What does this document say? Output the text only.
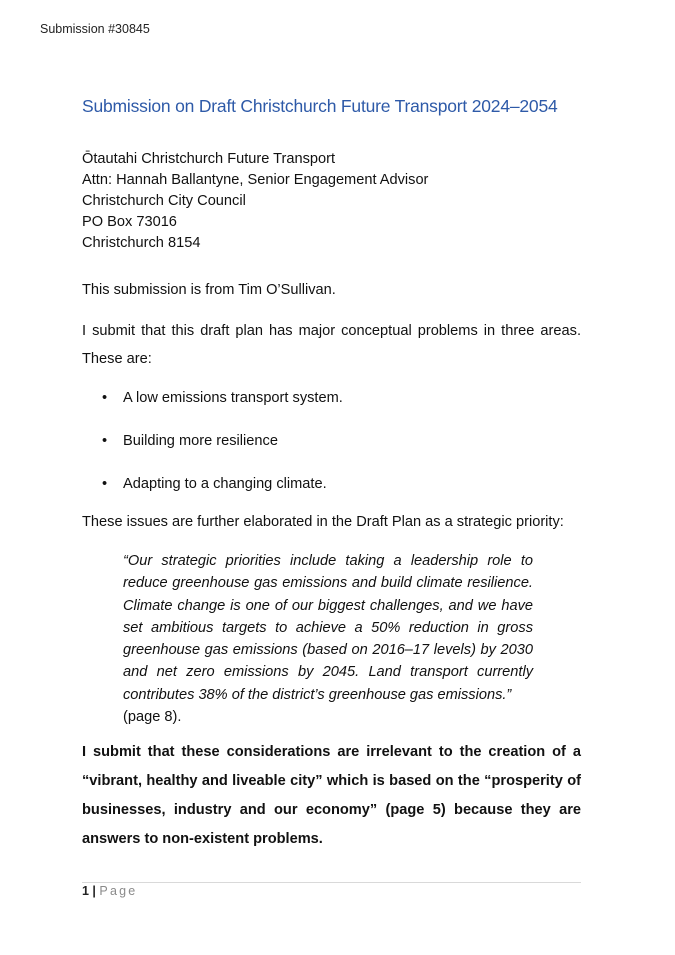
Submission #30845
Submission on Draft Christchurch Future Transport 2024–2054
Ōtautahi Christchurch Future Transport
Attn: Hannah Ballantyne, Senior Engagement Advisor
Christchurch City Council
PO Box 73016
Christchurch 8154
This submission is from Tim O’Sullivan.
I submit that this draft plan has major conceptual problems in three areas. These are:
• A low emissions transport system.
• Building more resilience
• Adapting to a changing climate.
These issues are further elaborated in the Draft Plan as a strategic priority:
“Our strategic priorities include taking a leadership role to reduce greenhouse gas emissions and build climate resilience. Climate change is one of our biggest challenges, and we have set ambitious targets to achieve a 50% reduction in gross greenhouse gas emissions (based on 2016–17 levels) by 2030 and net zero emissions by 2045. Land transport currently contributes 38% of the district’s greenhouse gas emissions.”
(page 8).
I submit that these considerations are irrelevant to the creation of a “vibrant, healthy and liveable city” which is based on the “prosperity of businesses, industry and our economy” (page 5) because they are answers to non-existent problems.
1 | Page
